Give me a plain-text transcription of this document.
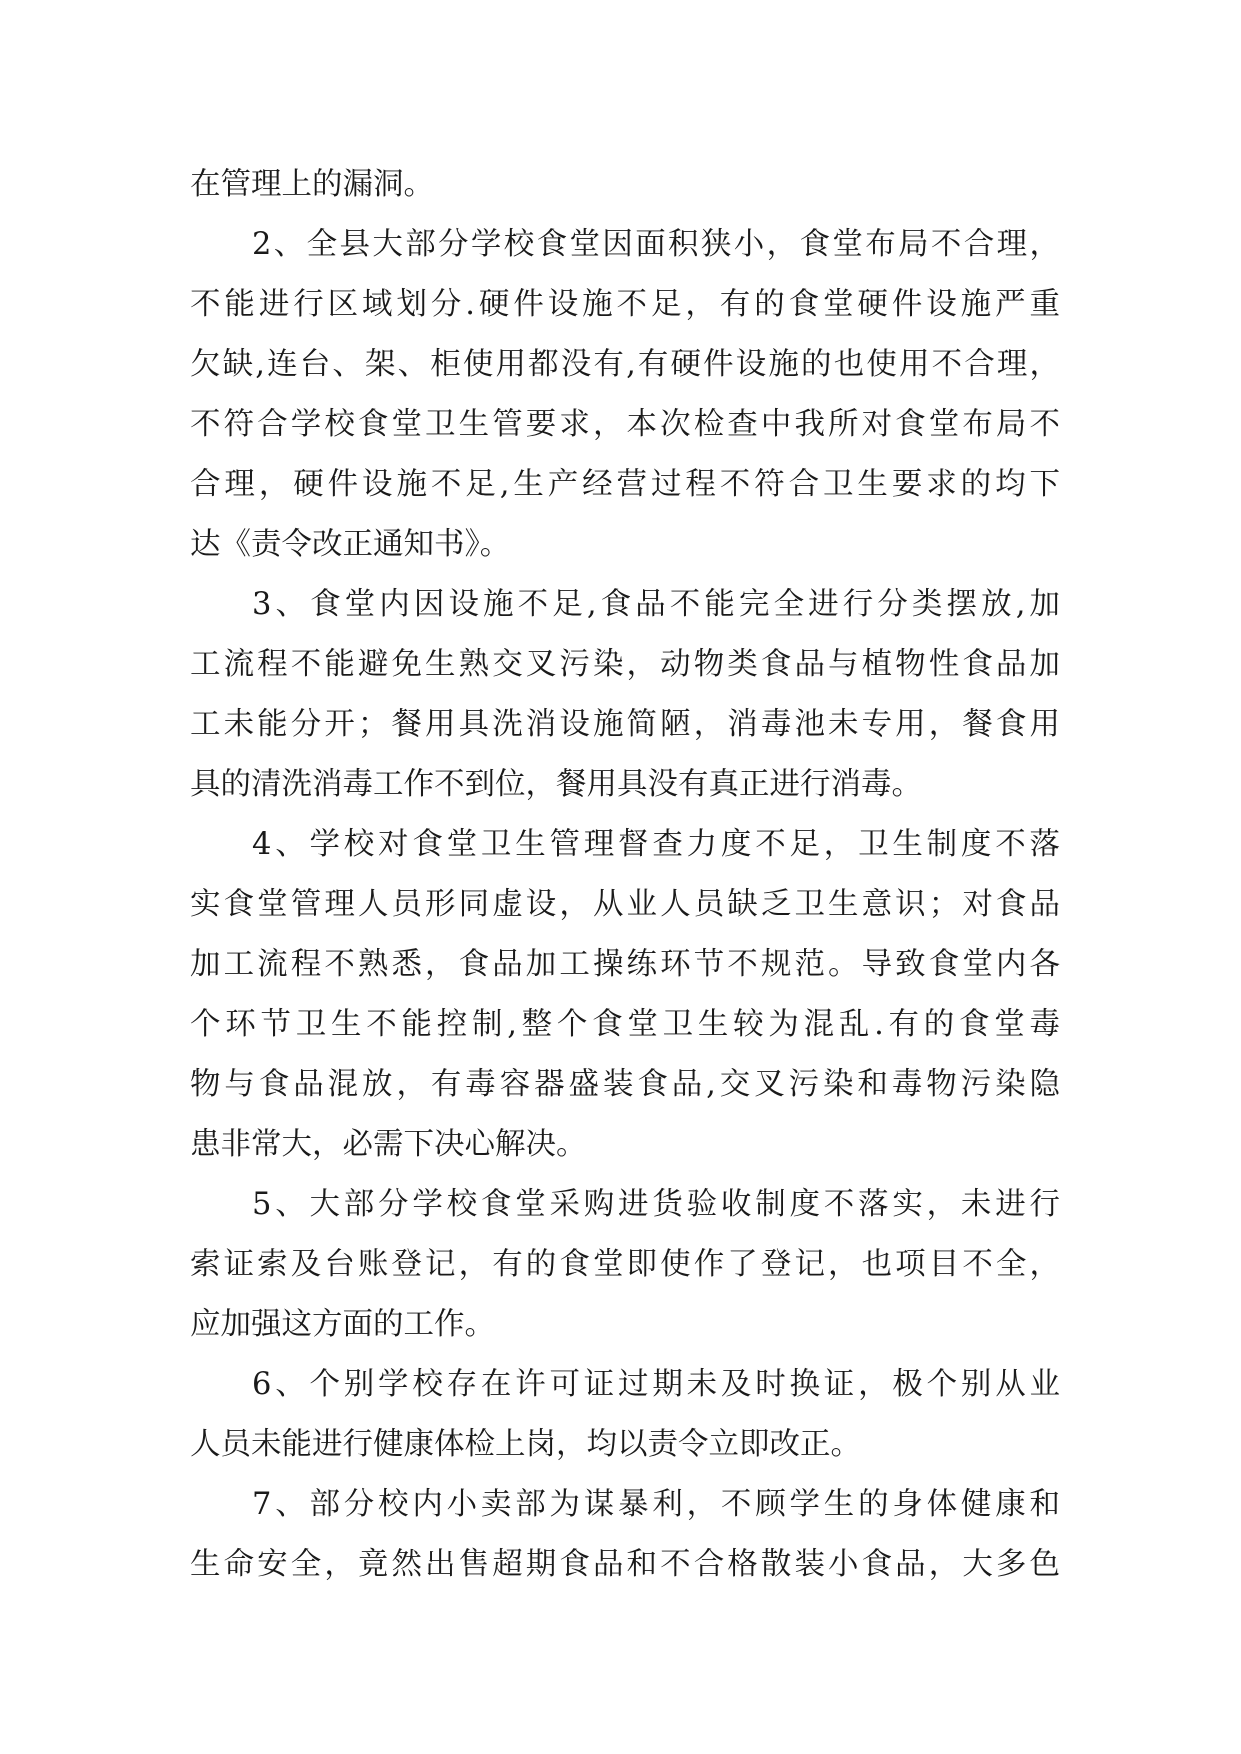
在管理上的漏洞。
2、全县大部分学校食堂因面积狭小，食堂布局不合理，
不能进行区域划分.硬件设施不足，有的食堂硬件设施严重
欠缺,连台、架、柜使用都没有,有硬件设施的也使用不合理，
不符合学校食堂卫生管要求，本次检查中我所对食堂布局不
合理，硬件设施不足,生产经营过程不符合卫生要求的均下
达《责令改正通知书》。
3、食堂内因设施不足,食品不能完全进行分类摆放,加
工流程不能避免生熟交叉污染，动物类食品与植物性食品加
工未能分开；餐用具洗消设施简陋，消毒池未专用，餐食用
具的清洗消毒工作不到位，餐用具没有真正进行消毒。
4、学校对食堂卫生管理督查力度不足，卫生制度不落
实食堂管理人员形同虚设，从业人员缺乏卫生意识；对食品
加工流程不熟悉，食品加工操练环节不规范。导致食堂内各
个环节卫生不能控制,整个食堂卫生较为混乱.有的食堂毒
物与食品混放，有毒容器盛装食品,交叉污染和毒物污染隐
患非常大，必需下决心解决。
5、大部分学校食堂采购进货验收制度不落实，未进行
索证索及台账登记，有的食堂即使作了登记，也项目不全，
应加强这方面的工作。
6、个别学校存在许可证过期未及时换证，极个别从业
人员未能进行健康体检上岗，均以责令立即改正。
7、部分校内小卖部为谋暴利，不顾学生的身体健康和
生命安全，竟然出售超期食品和不合格散装小食品，大多色
